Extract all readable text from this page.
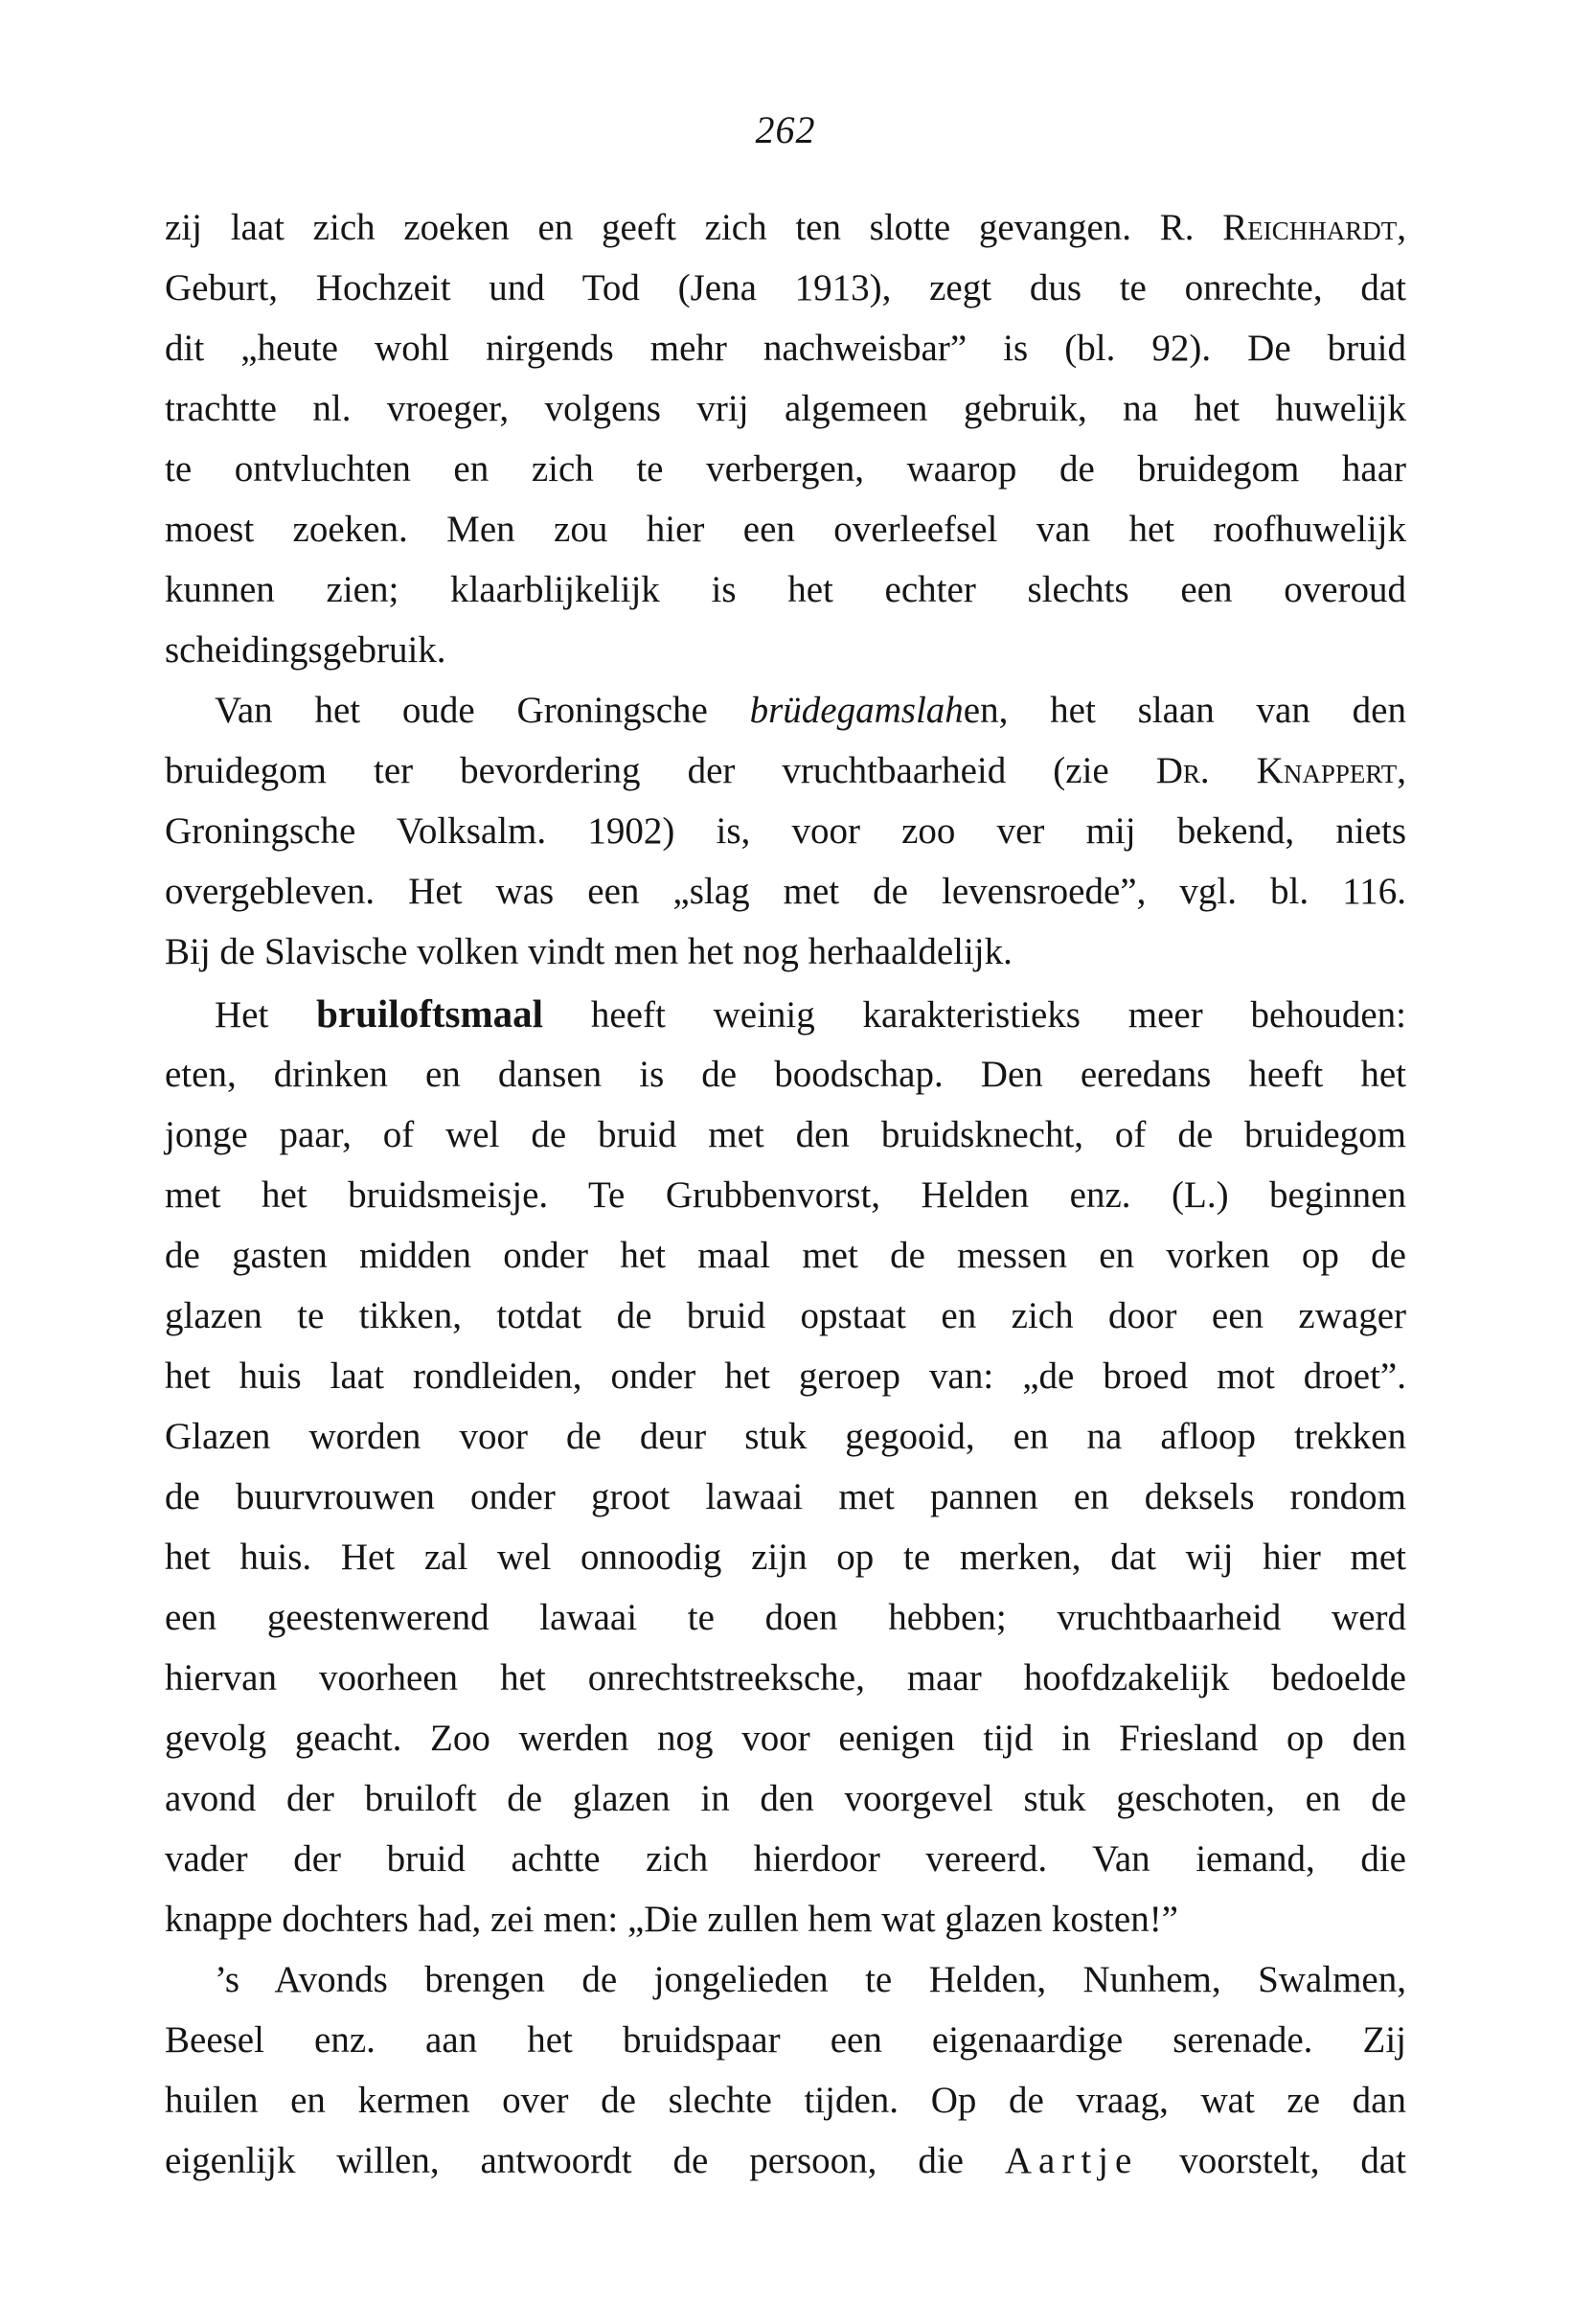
262
zij laat zich zoeken en geeft zich ten slotte gevangen. R. Reichhardt,
Geburt, Hochzeit und Tod (Jena 1913), zegt dus te onrechte, dat
dit „heute wohl nirgends mehr nachweisbar” is (bl. 92). De bruid
trachtte nl. vroeger, volgens vrij algemeen gebruik, na het huwelijk
te ontvluchten en zich te verbergen, waarop de bruidegom haar
moest zoeken. Men zou hier een overleefsel van het roofhuwelijk
kunnen zien; klaarblijkelijk is het echter slechts een overoud
scheidingsgebruik.
Van het oude Groningsche brüdegamslahen, het slaan van den
bruidegom ter bevordering der vruchtbaarheid (zie Dr. Knappert,
Groningsche Volksalm. 1902) is, voor zoo ver mij bekend, niets
overgebleven. Het was een „slag met de levensroede”, vgl. bl. 116.
Bij de Slavische volken vindt men het nog herhaaldelijk.
Het bruiloftsmaal heeft weinig karakteristieks meer behouden:
eten, drinken en dansen is de boodschap. Den eeredans heeft het
jonge paar, of wel de bruid met den bruidsknecht, of de bruidegom
met het bruidsmeisje. Te Grubbenvorst, Helden enz. (L.) beginnen
de gasten midden onder het maal met de messen en vorken op de
glazen te tikken, totdat de bruid opstaat en zich door een zwager
het huis laat rondleiden, onder het geroep van: „de broed mot droet”.
Glazen worden voor de deur stuk gegooid, en na afloop trekken
de buurvrouwen onder groot lawaai met pannen en deksels rondom
het huis. Het zal wel onnoodig zijn op te merken, dat wij hier met
een geestenwerend lawaai te doen hebben; vruchtbaarheid werd
hiervan voorheen het onrechtstreeksche, maar hoofdzakelijk bedoelde
gevolg geacht. Zoo werden nog voor eenigen tijd in Friesland op den
avond der bruiloft de glazen in den voorgevel stuk geschoten, en de
vader der bruid achtte zich hierdoor vereerd. Van iemand, die
knappe dochters had, zei men: „Die zullen hem wat glazen kosten!”
’s Avonds brengen de jongelieden te Helden, Nunhem, Swalmen,
Beesel enz. aan het bruidspaar een eigenaardige serenade. Zij
huilen en kermen over de slechte tijden. Op de vraag, wat ze dan
eigenlijk willen, antwoordt de persoon, die Aartje voorstelt, dat
